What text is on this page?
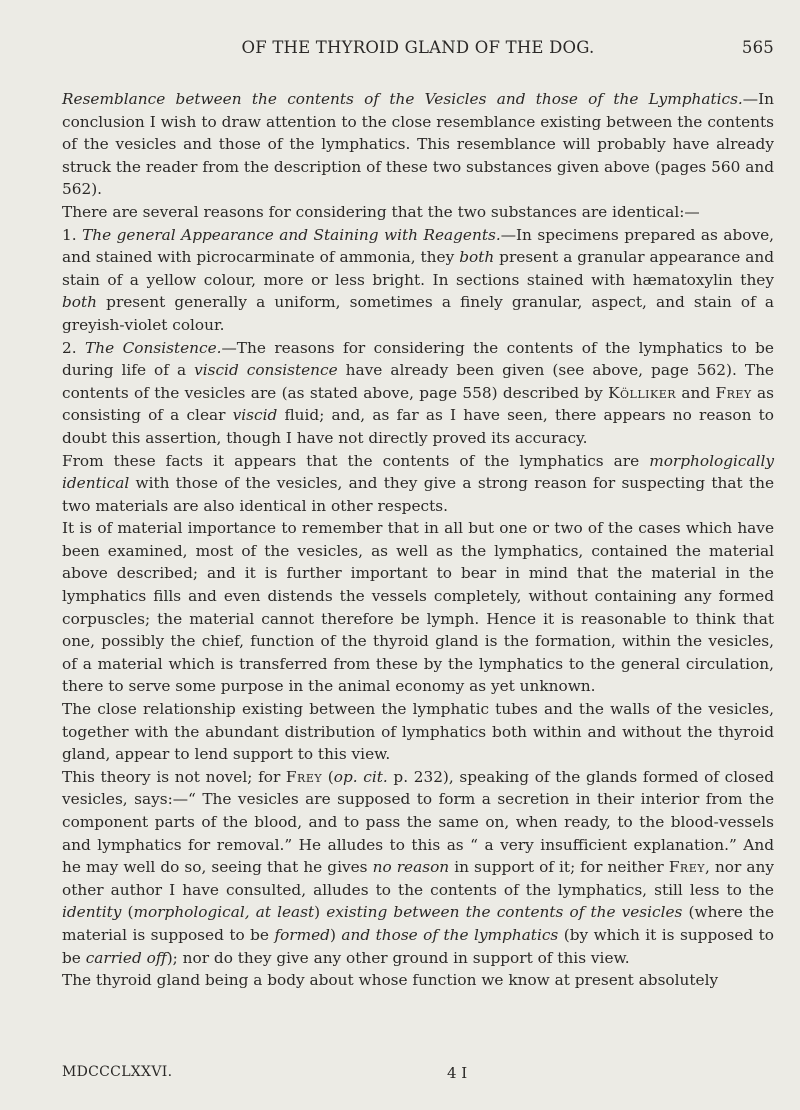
OF THE THYROID GLAND OF THE DOG.	565

Resemblance between the contents of the Vesicles and those of the Lymphatics.—In conclusion I wish to draw attention to the close resemblance existing between the contents of the vesicles and those of the lymphatics. This resemblance will probably have already struck the reader from the description of these two substances given above (pages 560 and 562).

There are several reasons for considering that the two substances are identical:—

1. The general Appearance and Staining with Reagents.—In specimens prepared as above, and stained with picrocarminate of ammonia, they both present a granular appearance and stain of a yellow colour, more or less bright. In sections stained with hæmatoxylin they both present generally a uniform, sometimes a finely granular, aspect, and stain of a greyish-violet colour.

2. The Consistence.—The reasons for considering the contents of the lymphatics to be during life of a viscid consistence have already been given (see above, page 562). The contents of the vesicles are (as stated above, page 558) described by Kölliker and Frey as consisting of a clear viscid fluid; and, as far as I have seen, there appears no reason to doubt this assertion, though I have not directly proved its accuracy.

From these facts it appears that the contents of the lymphatics are morphologically identical with those of the vesicles, and they give a strong reason for suspecting that the two materials are also identical in other respects.

It is of material importance to remember that in all but one or two of the cases which have been examined, most of the vesicles, as well as the lymphatics, contained the material above described; and it is further important to bear in mind that the material in the lymphatics fills and even distends the vessels completely, without containing any formed corpuscles; the material cannot therefore be lymph. Hence it is reasonable to think that one, possibly the chief, function of the thyroid gland is the formation, within the vesicles, of a material which is transferred from these by the lymphatics to the general circulation, there to serve some purpose in the animal economy as yet unknown.

The close relationship existing between the lymphatic tubes and the walls of the vesicles, together with the abundant distribution of lymphatics both within and without the thyroid gland, appear to lend support to this view.

This theory is not novel; for Frey (op. cit. p. 232), speaking of the glands formed of closed vesicles, says:—“ The vesicles are supposed to form a secretion in their interior from the component parts of the blood, and to pass the same on, when ready, to the blood-vessels and lymphatics for removal.” He alludes to this as “ a very insufficient explanation.” And he may well do so, seeing that he gives no reason in support of it; for neither Frey, nor any other author I have consulted, alludes to the contents of the lymphatics, still less to the identity (morphological, at least) existing between the contents of the vesicles (where the material is supposed to be formed) and those of the lymphatics (by which it is supposed to be carried off); nor do they give any other ground in support of this view.

The thyroid gland being a body about whose function we know at present absolutely

MDCCCLXXVI.	4 I
